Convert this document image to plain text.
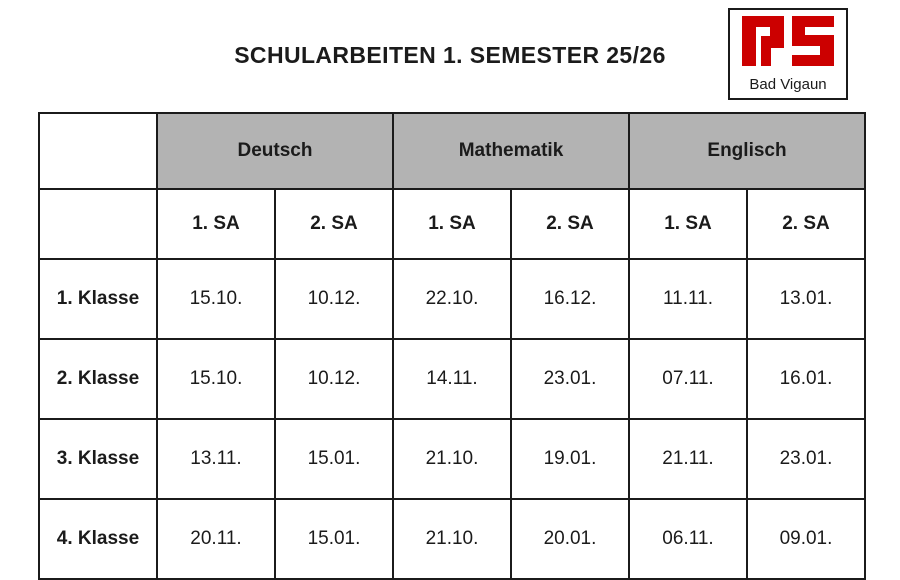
SCHULARBEITEN 1. SEMESTER 25/26
Bad Vigaun
	Deutsch		Mathematik		Englisch	
	1. SA	2. SA	1. SA	2. SA	1. SA	2. SA
1. Klasse	15.10.	10.12.	22.10.	16.12.	11.11.	13.01.
2. Klasse	15.10.	10.12.	14.11.	23.01.	07.11.	16.01.
3. Klasse	13.11.	15.01.	21.10.	19.01.	21.11.	23.01.
4. Klasse	20.11.	15.01.	21.10.	20.01.	06.11.	09.01.
